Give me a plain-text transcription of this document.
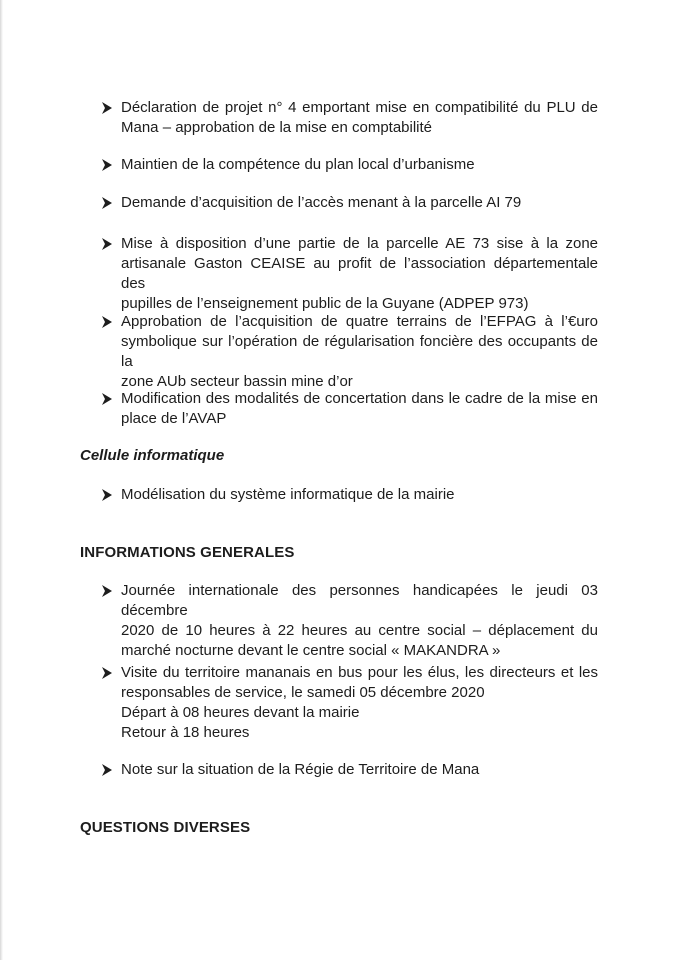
Déclaration de projet n° 4 emportant mise en compatibilité du PLU de
Mana – approbation de la mise en comptabilité
Maintien de la compétence du plan local d’urbanisme
Demande d’acquisition de l’accès menant à la parcelle AI 79
Mise à disposition d’une partie de la parcelle AE 73 sise à la zone
artisanale Gaston CEAISE au profit de l’association départementale des
pupilles de l’enseignement public de la Guyane (ADPEP 973)
Approbation de l’acquisition de quatre terrains de l’EFPAG à l’€uro
symbolique sur l’opération de régularisation foncière des occupants de la
zone AUb secteur bassin mine d’or
Modification des modalités de concertation dans le cadre de la mise en
place de l’AVAP
Cellule informatique
Modélisation du système informatique de la mairie
INFORMATIONS GENERALES
Journée internationale des personnes handicapées le jeudi 03 décembre
2020 de 10 heures à 22 heures au centre social – déplacement du
marché nocturne devant le centre social « MAKANDRA »
Visite du territoire mananais en bus pour les élus, les directeurs et les
responsables de service, le samedi 05 décembre 2020
Départ à 08 heures devant la mairie
Retour à 18 heures
Note sur la situation de la Régie de Territoire de Mana
QUESTIONS DIVERSES
